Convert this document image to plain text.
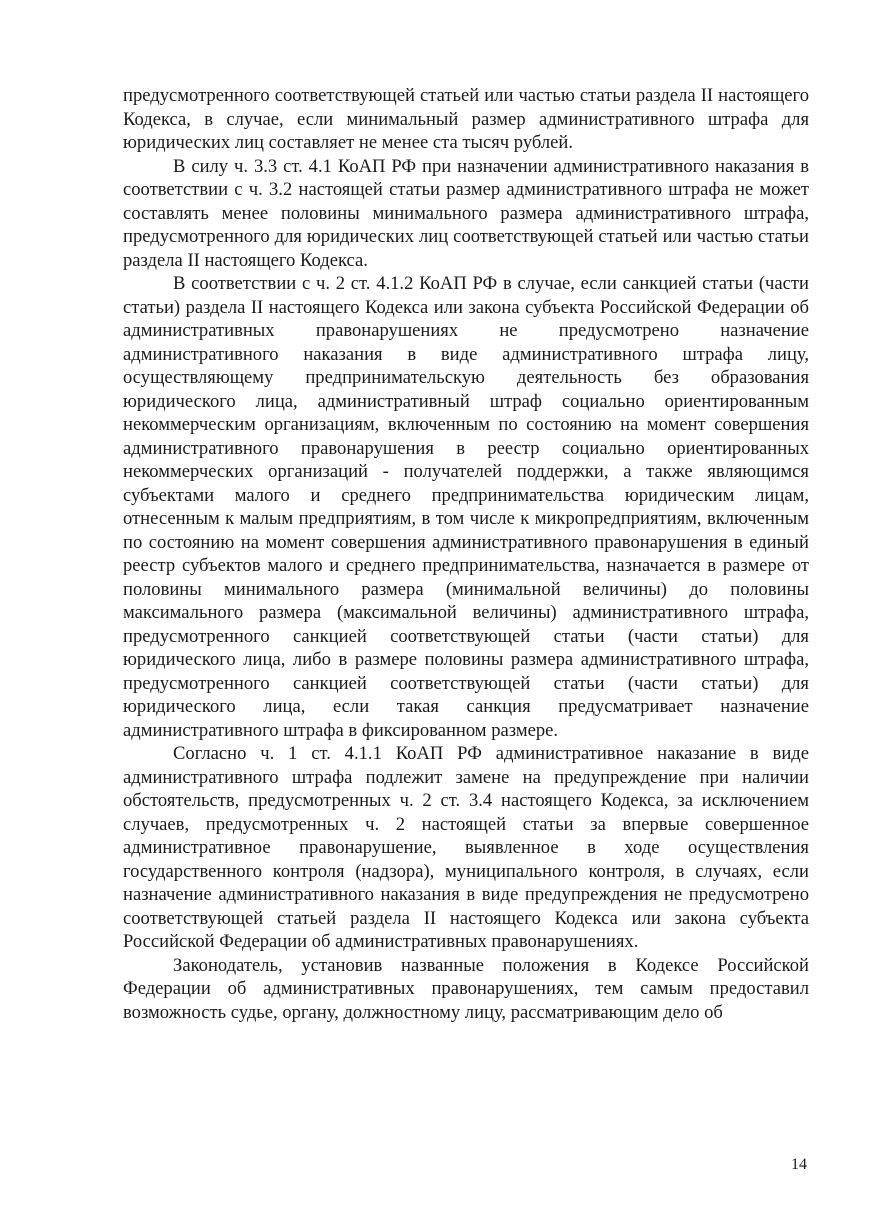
предусмотренного соответствующей статьей или частью статьи раздела II настоящего Кодекса, в случае, если минимальный размер административного штрафа для юридических лиц составляет не менее ста тысяч рублей.

В силу ч. 3.3 ст. 4.1 КоАП РФ при назначении административного наказания в соответствии с ч. 3.2 настоящей статьи размер административного штрафа не может составлять менее половины минимального размера административного штрафа, предусмотренного для юридических лиц соответствующей статьей или частью статьи раздела II настоящего Кодекса.

В соответствии с ч. 2 ст. 4.1.2 КоАП РФ в случае, если санкцией статьи (части статьи) раздела II настоящего Кодекса или закона субъекта Российской Федерации об административных правонарушениях не предусмотрено назначение административного наказания в виде административного штрафа лицу, осуществляющему предпринимательскую деятельность без образования юридического лица, административный штраф социально ориентированным некоммерческим организациям, включенным по состоянию на момент совершения административного правонарушения в реестр социально ориентированных некоммерческих организаций - получателей поддержки, а также являющимся субъектами малого и среднего предпринимательства юридическим лицам, отнесенным к малым предприятиям, в том числе к микропредприятиям, включенным по состоянию на момент совершения административного правонарушения в единый реестр субъектов малого и среднего предпринимательства, назначается в размере от половины минимального размера (минимальной величины) до половины максимального размера (максимальной величины) административного штрафа, предусмотренного санкцией соответствующей статьи (части статьи) для юридического лица, либо в размере половины размера административного штрафа, предусмотренного санкцией соответствующей статьи (части статьи) для юридического лица, если такая санкция предусматривает назначение административного штрафа в фиксированном размере.

Согласно ч. 1 ст. 4.1.1 КоАП РФ административное наказание в виде административного штрафа подлежит замене на предупреждение при наличии обстоятельств, предусмотренных ч. 2 ст. 3.4 настоящего Кодекса, за исключением случаев, предусмотренных ч. 2 настоящей статьи за впервые совершенное административное правонарушение, выявленное в ходе осуществления государственного контроля (надзора), муниципального контроля, в случаях, если назначение административного наказания в виде предупреждения не предусмотрено соответствующей статьей раздела II настоящего Кодекса или закона субъекта Российской Федерации об административных правонарушениях.

Законодатель, установив названные положения в Кодексе Российской Федерации об административных правонарушениях, тем самым предоставил возможность судье, органу, должностному лицу, рассматривающим дело об

14
